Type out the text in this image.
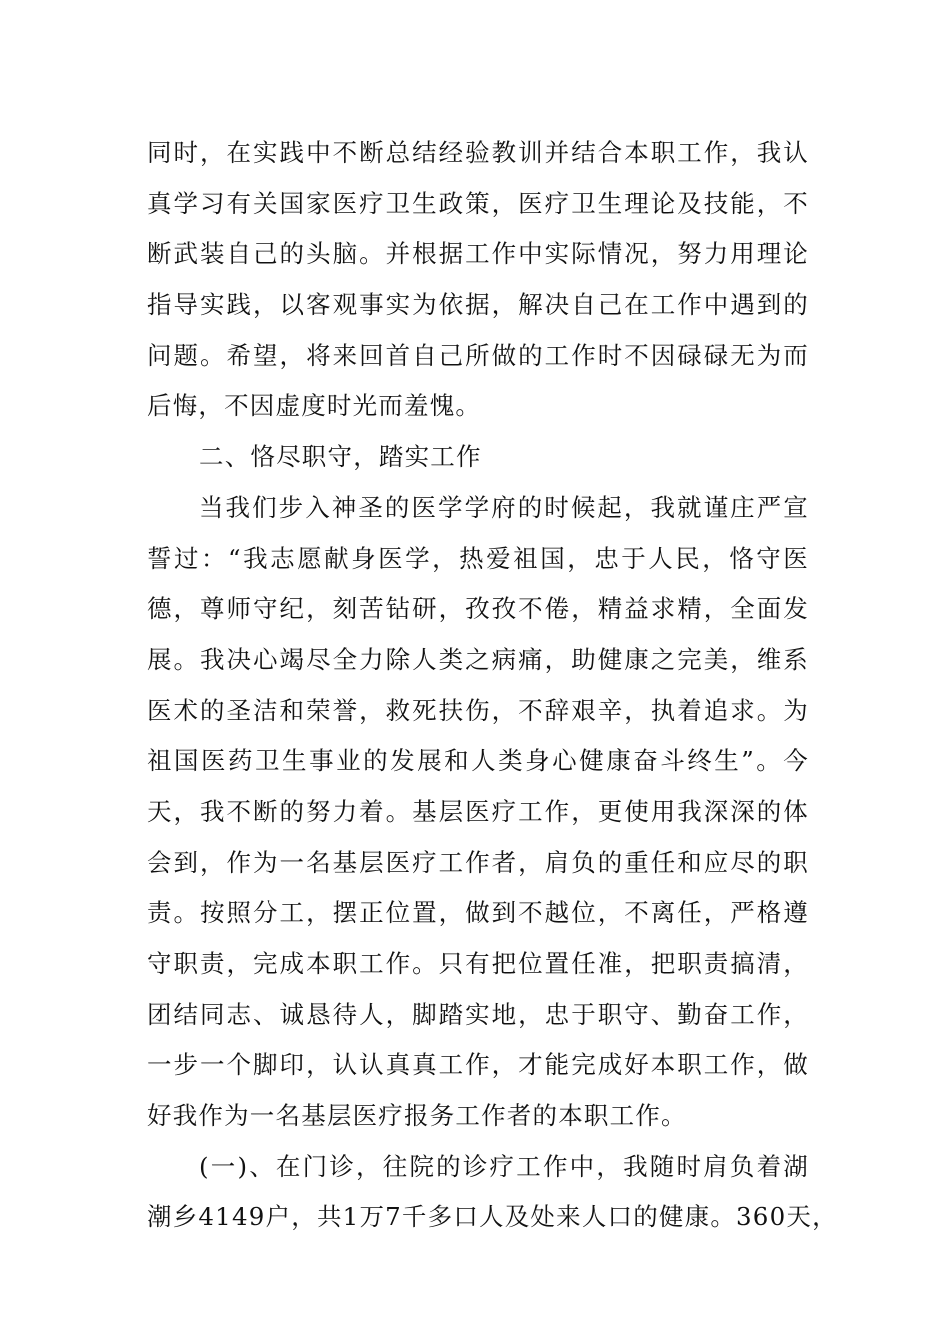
同时，在实践中不断总结经验教训并结合本职工作，我认
真学习有关国家医疗卫生政策，医疗卫生理论及技能，不
断武装自己的头脑。并根据工作中实际情况，努力用理论
指导实践，以客观事实为依据，解决自己在工作中遇到的
问题。希望，将来回首自己所做的工作时不因碌碌无为而
后悔，不因虚度时光而羞愧。
二、恪尽职守，踏实工作
当我们步入神圣的医学学府的时候起，我就谨庄严宣
誓过：“我志愿献身医学，热爱祖国，忠于人民，恪守医
德，尊师守纪，刻苦钻研，孜孜不倦，精益求精，全面发
展。我决心竭尽全力除人类之病痛，助健康之完美，维系
医术的圣洁和荣誉，救死扶伤，不辞艰辛，执着追求。为
祖国医药卫生事业的发展和人类身心健康奋斗终生”。今
天，我不断的努力着。基层医疗工作，更使用我深深的体
会到，作为一名基层医疗工作者，肩负的重任和应尽的职
责。按照分工，摆正位置，做到不越位，不离任，严格遵
守职责，完成本职工作。只有把位置任准，把职责搞清，
团结同志、诚恳待人，脚踏实地，忠于职守、勤奋工作，
一步一个脚印，认认真真工作，才能完成好本职工作，做
好我作为一名基层医疗报务工作者的本职工作。
(一)、在门诊，往院的诊疗工作中，我随时肩负着湖
潮乡4149户，共1万7千多口人及处来人口的健康。360天，
